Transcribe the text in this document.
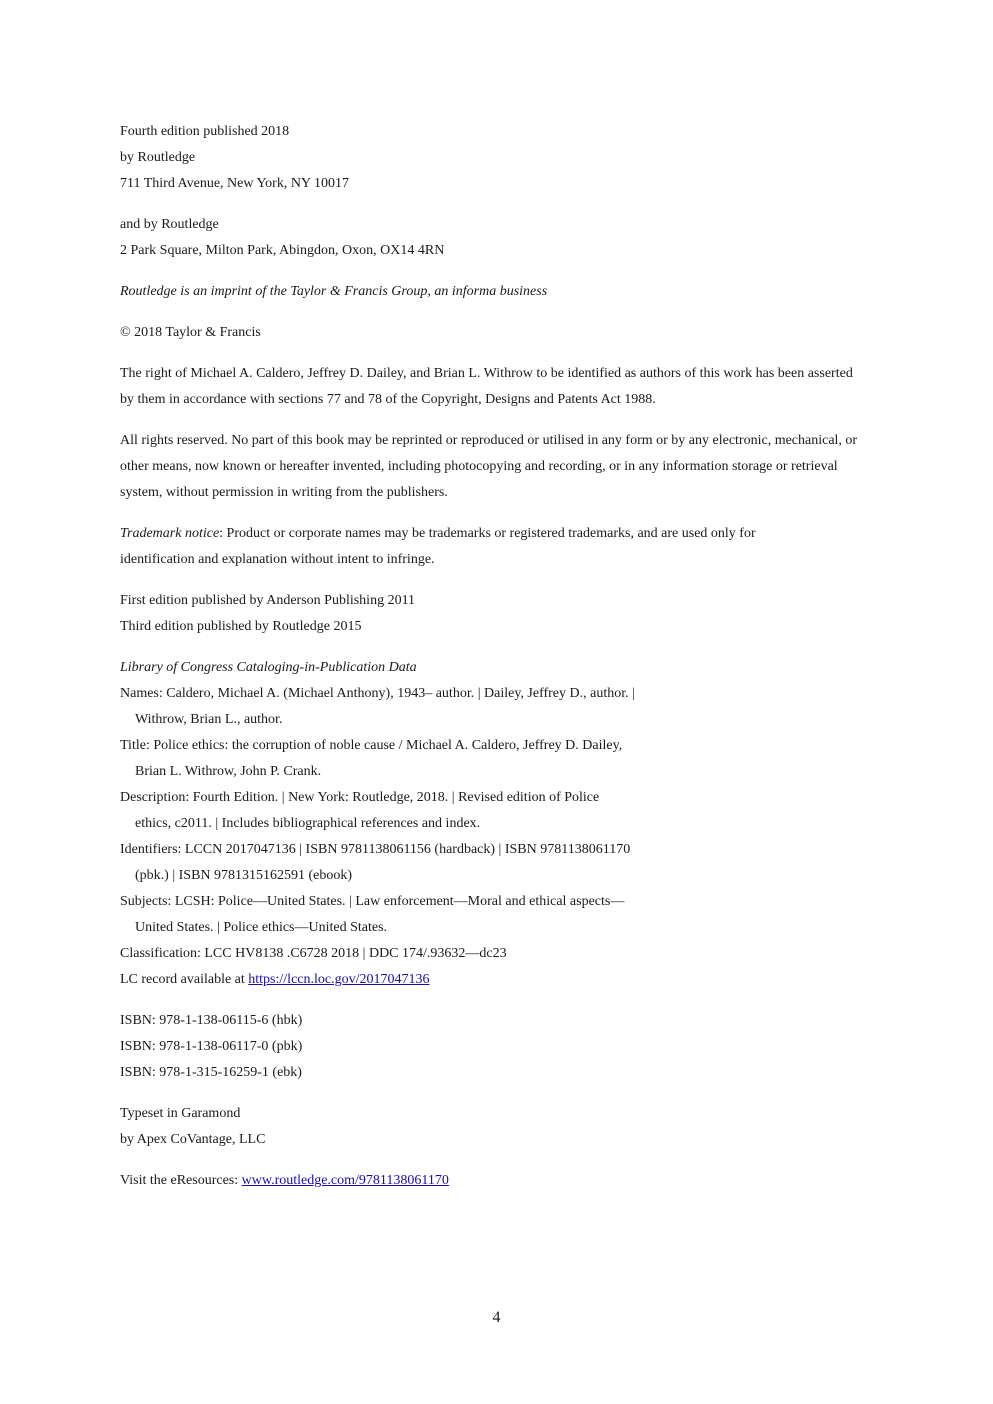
Fourth edition published 2018
by Routledge
711 Third Avenue, New York, NY 10017
and by Routledge
2 Park Square, Milton Park, Abingdon, Oxon, OX14 4RN
Routledge is an imprint of the Taylor & Francis Group, an informa business
© 2018 Taylor & Francis
The right of Michael A. Caldero, Jeffrey D. Dailey, and Brian L. Withrow to be identified as authors of this work has been asserted by them in accordance with sections 77 and 78 of the Copyright, Designs and Patents Act 1988.
All rights reserved. No part of this book may be reprinted or reproduced or utilised in any form or by any electronic, mechanical, or other means, now known or hereafter invented, including photocopying and recording, or in any information storage or retrieval system, without permission in writing from the publishers.
Trademark notice: Product or corporate names may be trademarks or registered trademarks, and are used only for identification and explanation without intent to infringe.
First edition published by Anderson Publishing 2011
Third edition published by Routledge 2015
Library of Congress Cataloging-in-Publication Data
Names: Caldero, Michael A. (Michael Anthony), 1943– author. | Dailey, Jeffrey D., author. |
Withrow, Brian L., author.
Title: Police ethics: the corruption of noble cause / Michael A. Caldero, Jeffrey D. Dailey,
Brian L. Withrow, John P. Crank.
Description: Fourth Edition. | New York: Routledge, 2018. | Revised edition of Police
ethics, c2011. | Includes bibliographical references and index.
Identifiers: LCCN 2017047136 | ISBN 9781138061156 (hardback) | ISBN 9781138061170
(pbk.) | ISBN 9781315162591 (ebook)
Subjects: LCSH: Police—United States. | Law enforcement—Moral and ethical aspects—
United States. | Police ethics—United States.
Classification: LCC HV8138 .C6728 2018 | DDC 174/.93632—dc23
LC record available at https://lccn.loc.gov/2017047136
ISBN: 978-1-138-06115-6 (hbk)
ISBN: 978-1-138-06117-0 (pbk)
ISBN: 978-1-315-16259-1 (ebk)
Typeset in Garamond
by Apex CoVantage, LLC
Visit the eResources: www.routledge.com/9781138061170
4
